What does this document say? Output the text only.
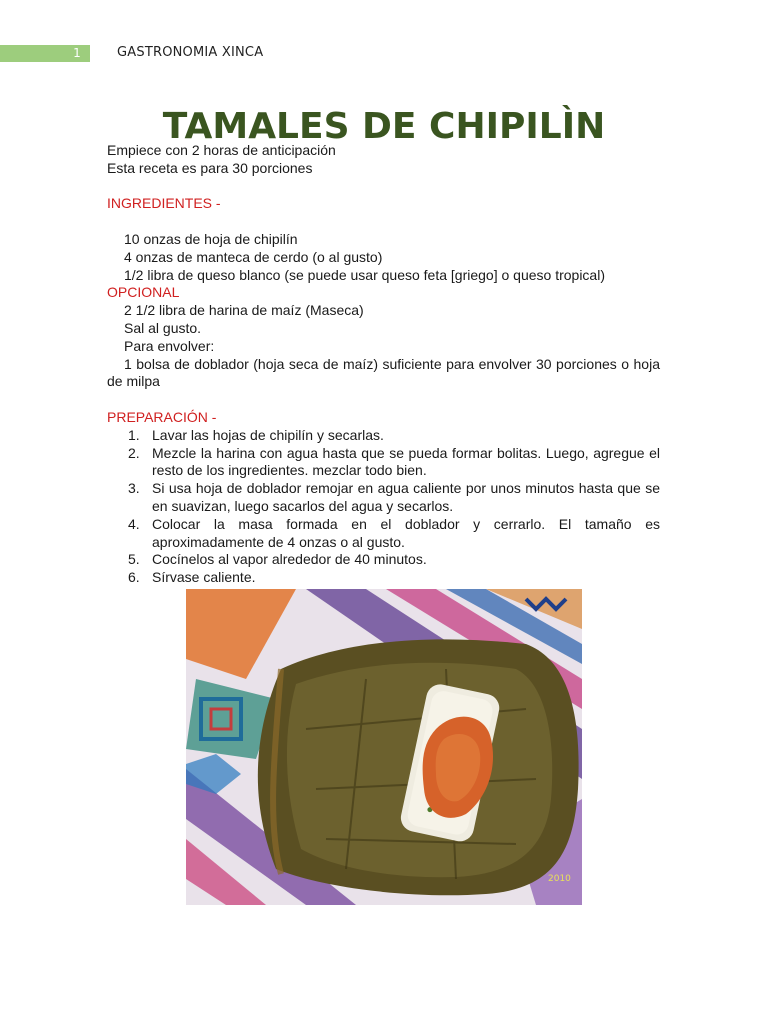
1	GASTRONOMIA XINCA
TAMALES DE CHIPILÌN

Empiece con 2 horas de anticipación

Esta receta es para 30 porciones

INGREDIENTES -

10 onzas de hoja de chipilín

4 onzas de manteca de cerdo (o al gusto)

1/2 libra de queso blanco (se puede usar queso feta [griego] o queso tropical)

OPCIONAL

2 1/2 libra de harina de maíz (Maseca)

Sal al gusto.

Para envolver:

1 bolsa de doblador (hoja seca de maíz) suficiente para envolver 30 porciones o hoja de milpa

PREPARACIÓN -

1. Lavar las hojas de chipilín y secarlas.
2. Mezcle la harina con agua hasta que se pueda formar bolitas. Luego, agregue el resto de los ingredientes. mezclar todo bien.
3. Si usa hoja de doblador remojar en agua caliente por unos minutos hasta que se en suavizan, luego sacarlos del agua y secarlos.
4. Colocar la masa formada en el doblador y cerrarlo. El tamaño es aproximadamente de 4 onzas o al gusto.
5. Cocínelos al vapor alrededor de 40 minutos.
6. Sírvase caliente.
2010
